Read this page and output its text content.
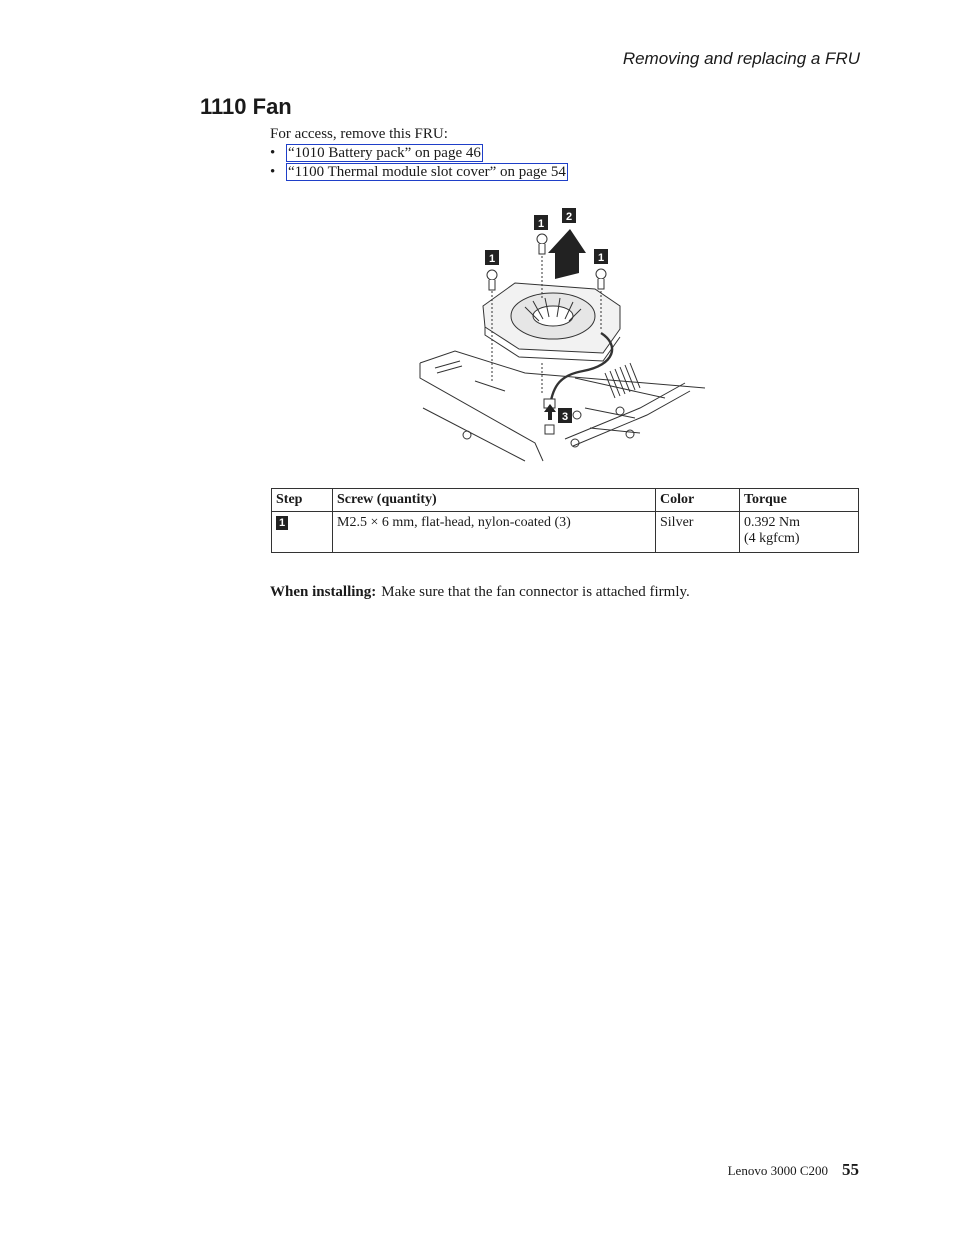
Removing and replacing a FRU
1110 Fan
For access, remove this FRU:
• “1010 Battery pack” on page 46
• “1100 Thermal module slot cover” on page 54
1
2
1	1
3
Step	Screw (quantity)	Color	Torque
1	M2.5 × 6 mm, flat-head, nylon-coated (3)	Silver	0.392 Nm
(4 kgfcm)
When installing: Make sure that the fan connector is attached firmly.
Lenovo 3000 C200 55
